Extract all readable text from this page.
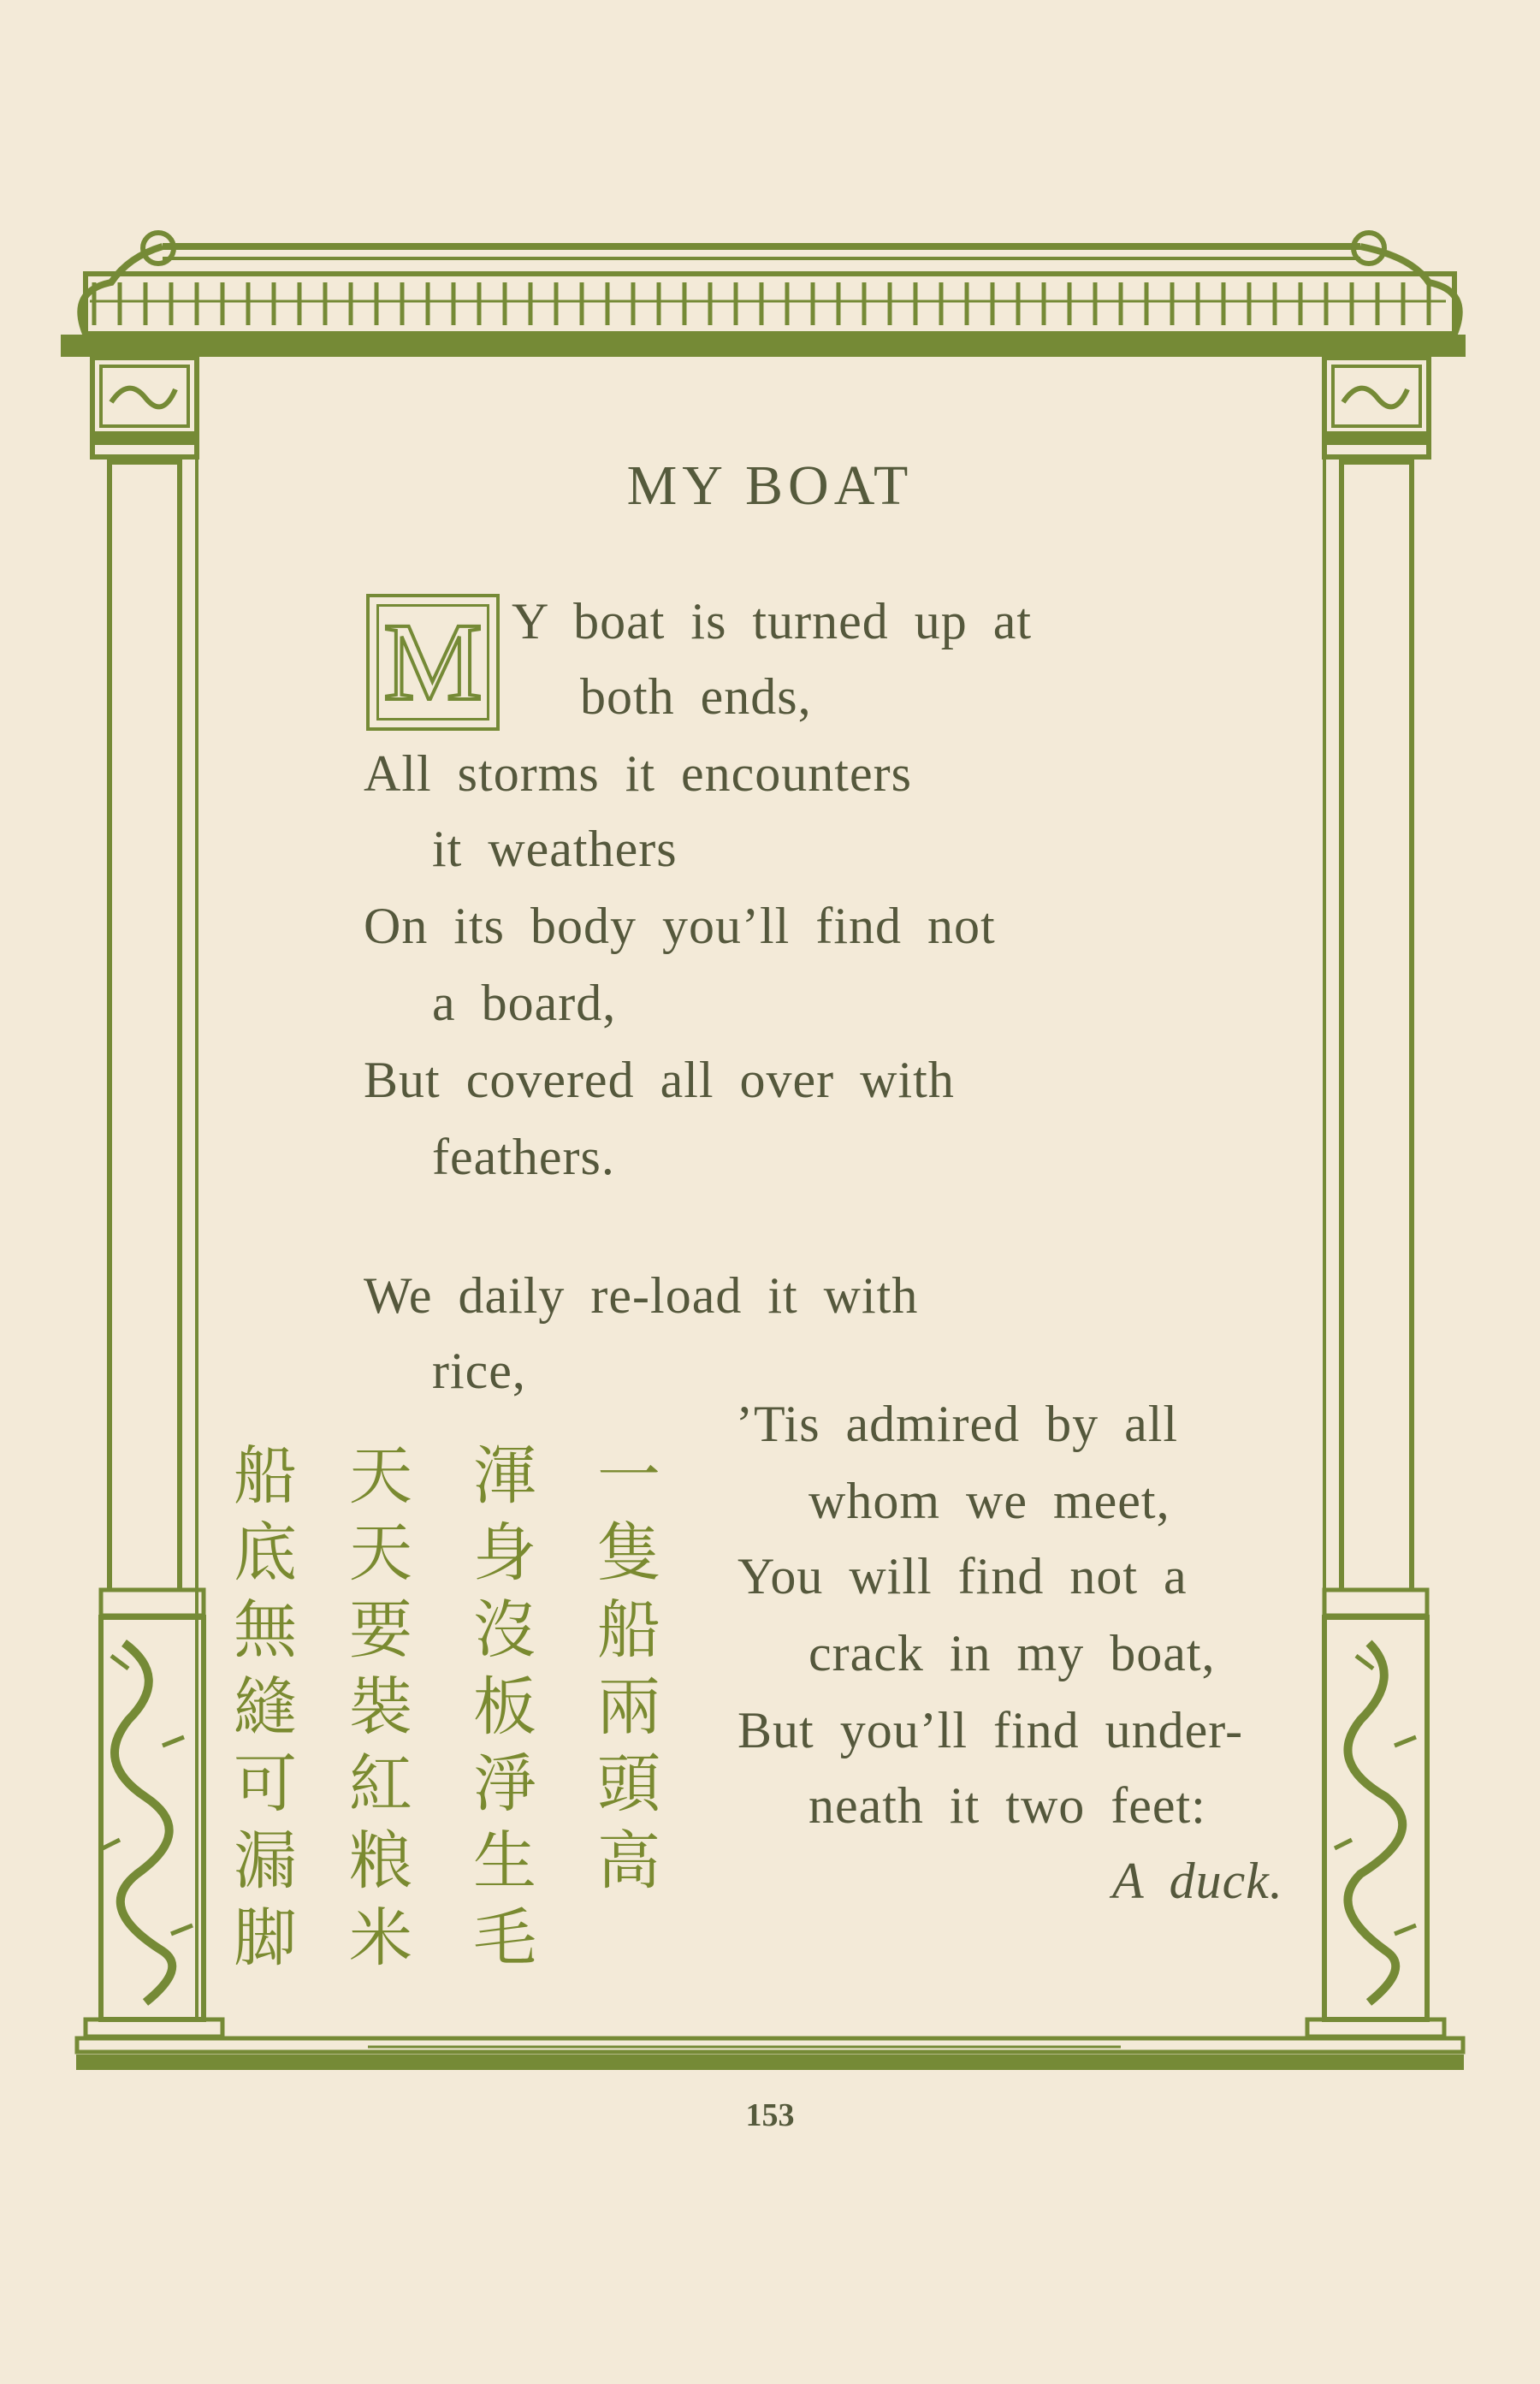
MY BOAT
M Y boat is turned up at
both ends,
All storms it encounters
it weathers
On its body you’ll find not
a board,
But covered all over with
feathers.
We daily re-load it with
rice,
’Tis admired by all
whom we meet,
You will find not a
crack in my boat,
But you’ll find under-
neath it two feet:
A duck.
一隻船兩頭高
渾身沒板淨生毛
天天要裝紅粮米
船底無縫可漏脚
153
